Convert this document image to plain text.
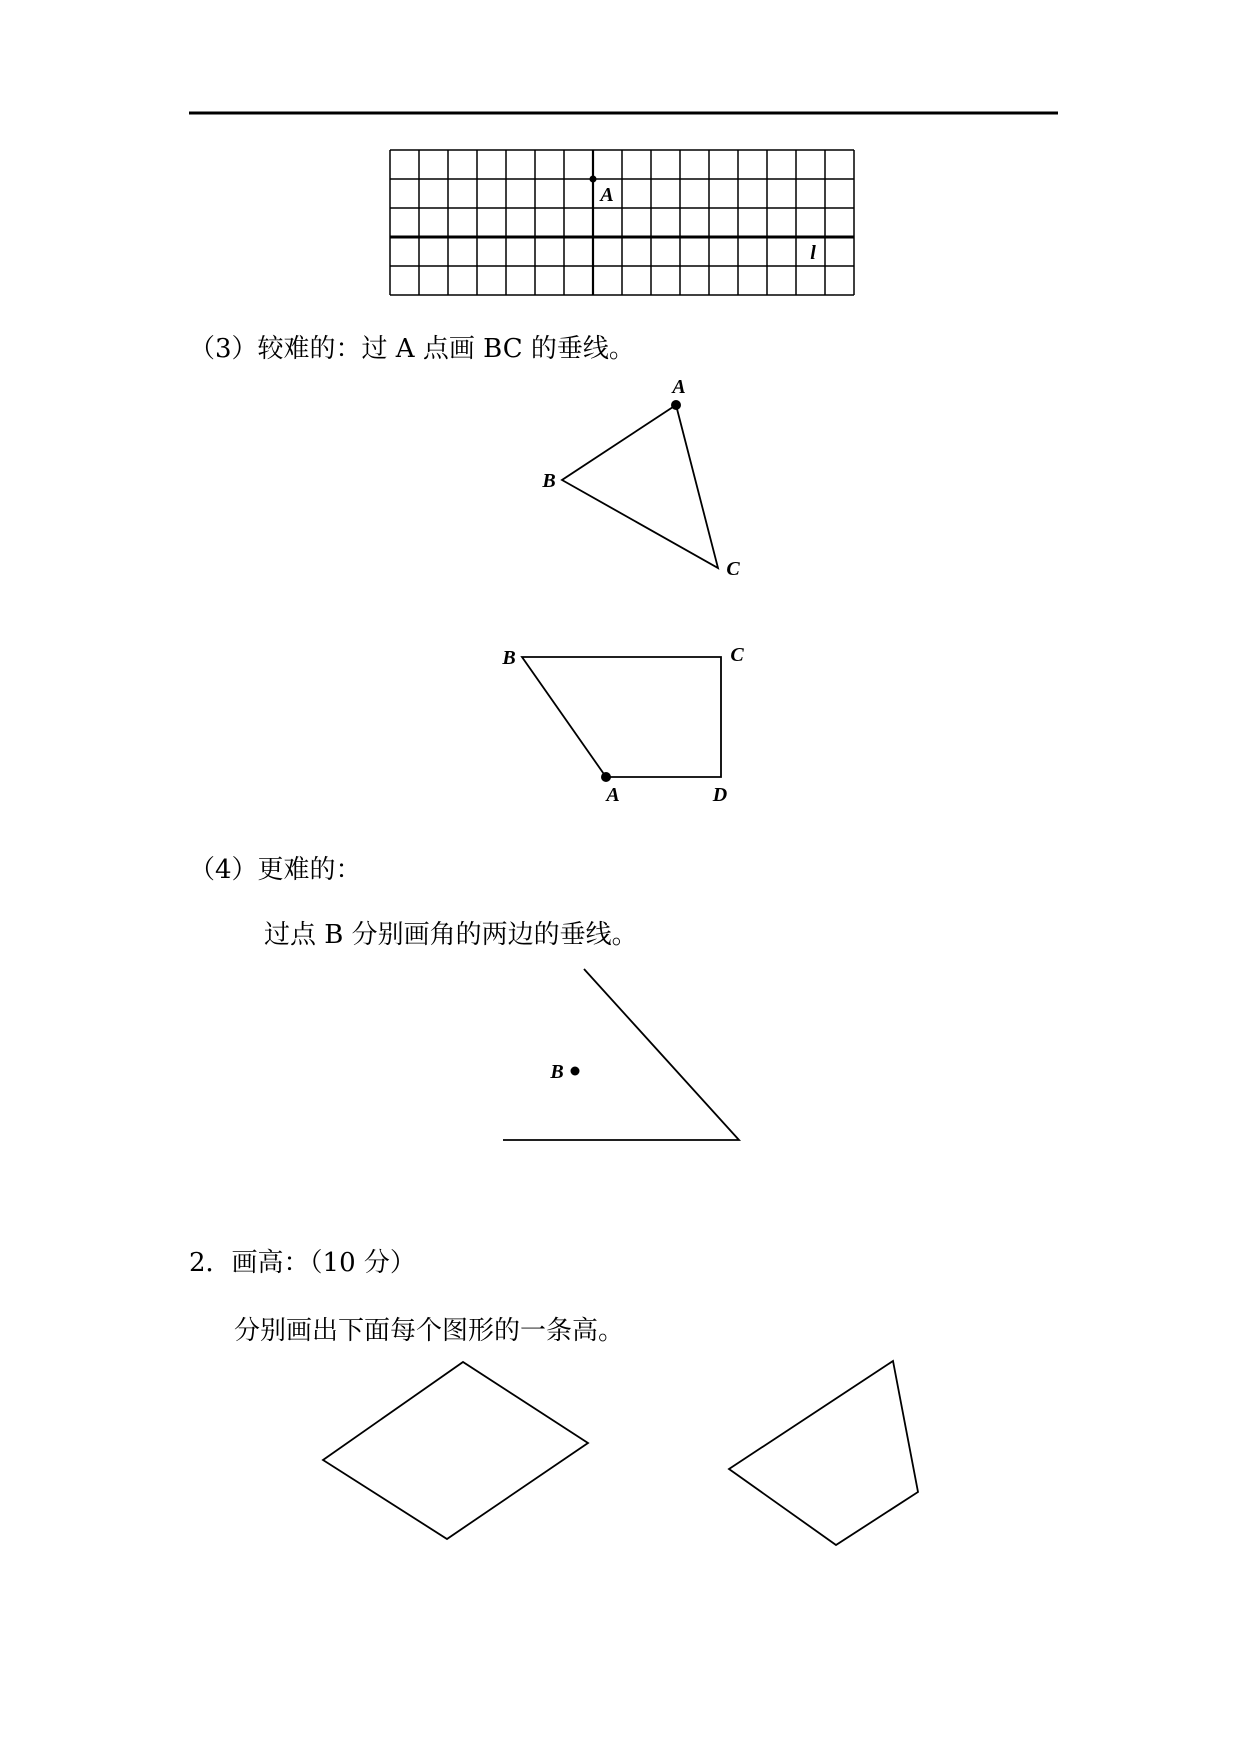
A
l
（3）较难的：过 A 点画 BC 的垂线。
A
B
C
B	C
A	D
（4）更难的：
过点 B 分别画角的两边的垂线。
B
2．画高：（10 分）
分别画出下面每个图形的一条高。
